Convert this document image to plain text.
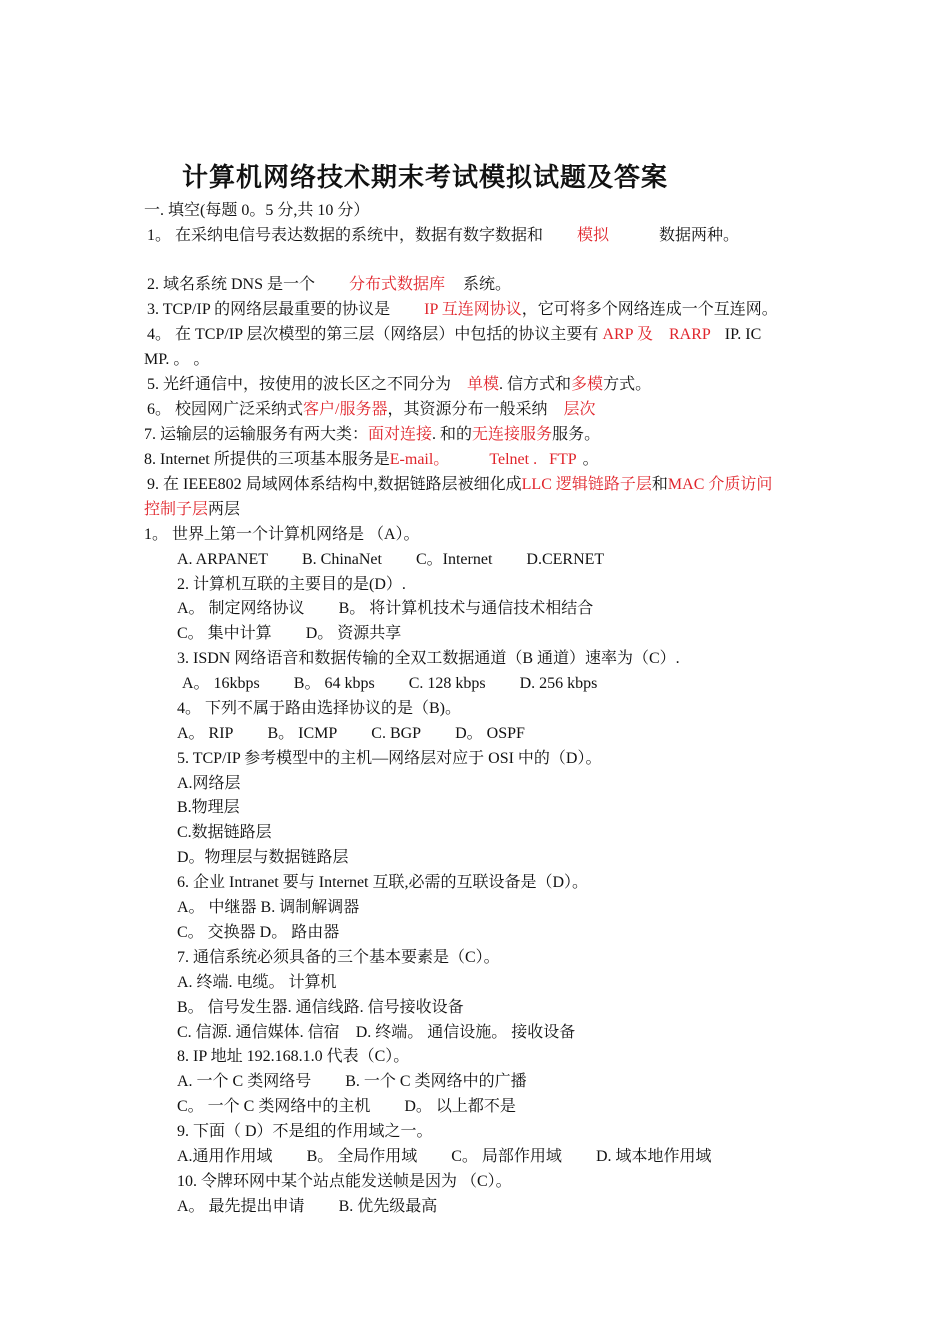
计算机网络技术期末考试模拟试题及答案
一. 填空(每题 0。5 分,共 10 分）
1。 在采纳电信号表达数据的系统中，数据有数字数据和 模拟	数据两种。
2. 域名系统 DNS 是一个 分布式数据库 系统。
3. TCP/IP 的网络层最重要的协议是 IP 互连网协议，它可将多个网络连成一个互连网。
4。 在 TCP/IP 层次模型的第三层（网络层）中包括的协议主要有 ARP 及 RARP IP. IC
MP. 。 。
5. 光纤通信中，按使用的波长区之不同分为 单模. 信方式和多模方式。
6。 校园网广泛采纳式客户/服务器，其资源分布一般采纳 层次
7. 运输层的运输服务有两大类：面对连接. 和的无连接服务服务。
8. Internet 所提供的三项基本服务是E-mail。	Telnet . FTP 。
9. 在 IEEE802 局域网体系结构中,数据链路层被细化成LLC 逻辑链路子层和MAC 介质访问
控制子层两层
1。 世界上第一个计算机网络是 （A）。
A. ARPANET B. ChinaNet C。Internet D.CERNET
2. 计算机互联的主要目的是(D）.
A。 制定网络协议 B。 将计算机技术与通信技术相结合
C。 集中计算 D。 资源共享
3. ISDN 网络语音和数据传输的全双工数据通道（B 通道）速率为（C）.
A。 16kbps B。 64 kbps C. 128 kbps D. 256 kbps
4。 下列不属于路由选择协议的是（B)。
A。 RIP B。 ICMP C. BGP D。 OSPF
5. TCP/IP 参考模型中的主机—网络层对应于 OSI 中的（D）。
A.网络层
B.物理层
C.数据链路层
D。物理层与数据链路层
6. 企业 Intranet 要与 Internet 互联,必需的互联设备是（D）。
A。 中继器 B. 调制解调器
C。 交换器 D。 路由器
7. 通信系统必须具备的三个基本要素是（C）。
A. 终端. 电缆。 计算机
B。 信号发生器. 通信线路. 信号接收设备
C. 信源. 通信媒体. 信宿 D. 终端。 通信设施。 接收设备
8. IP 地址 192.168.1.0 代表（C）。
A. 一个 C 类网络号 B. 一个 C 类网络中的广播
C。 一个 C 类网络中的主机 D。 以上都不是
9. 下面（ D）不是组的作用域之一。
A.通用作用域 B。 全局作用域 C。 局部作用域 D. 域本地作用域
10. 令牌环网中某个站点能发送帧是因为 （C）。
A。 最先提出申请 B. 优先级最高
